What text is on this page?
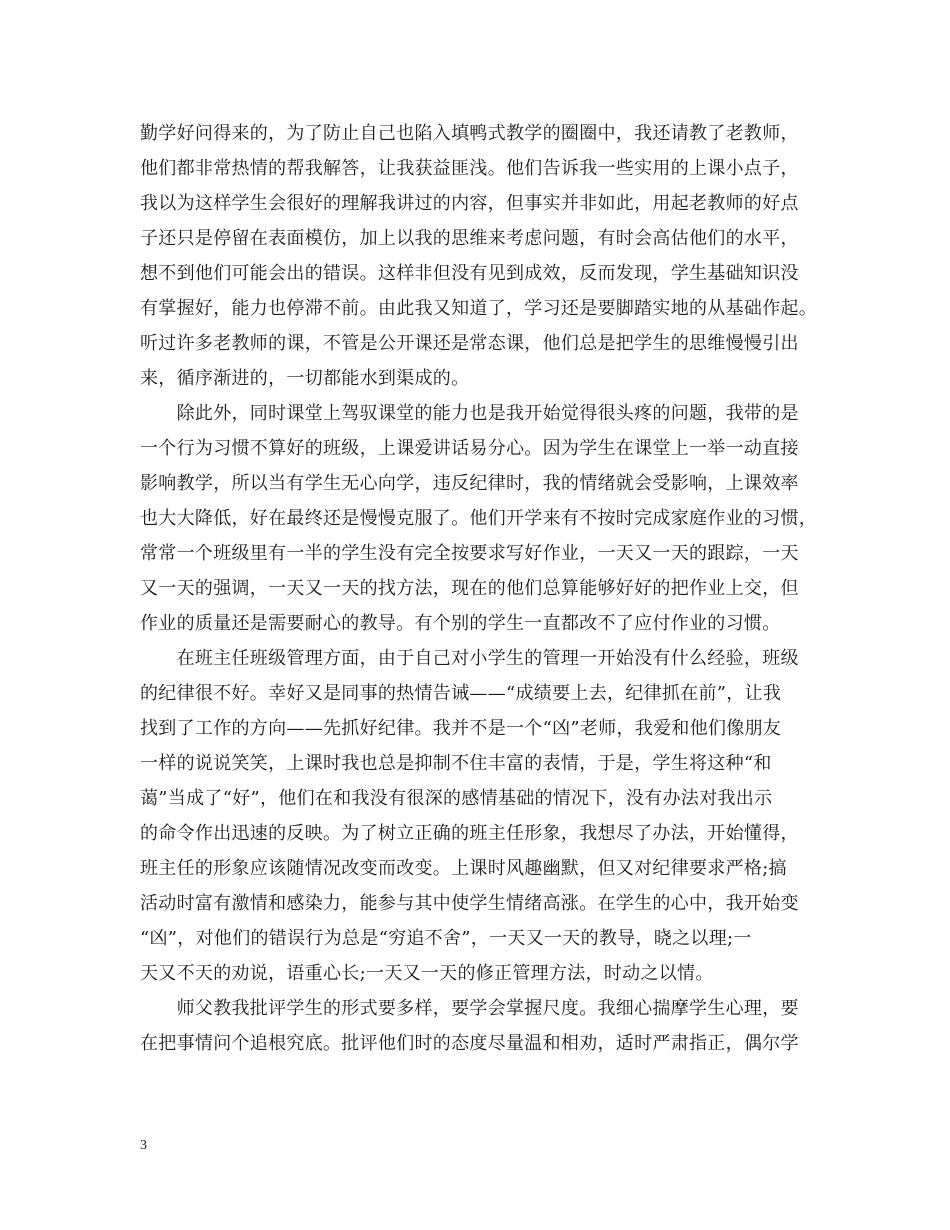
勤学好问得来的，为了防止自己也陷入填鸭式教学的圈圈中，我还请教了老教师，
他们都非常热情的帮我解答，让我获益匪浅。他们告诉我一些实用的上课小点子，
我以为这样学生会很好的理解我讲过的内容，但事实并非如此，用起老教师的好点
子还只是停留在表面模仿，加上以我的思维来考虑问题，有时会高估他们的水平，
想不到他们可能会出的错误。这样非但没有见到成效，反而发现，学生基础知识没
有掌握好，能力也停滞不前。由此我又知道了，学习还是要脚踏实地的从基础作起。
听过许多老教师的课，不管是公开课还是常态课，他们总是把学生的思维慢慢引出
来，循序渐进的，一切都能水到渠成的。
　　除此外，同时课堂上驾驭课堂的能力也是我开始觉得很头疼的问题，我带的是
一个行为习惯不算好的班级，上课爱讲话易分心。因为学生在课堂上一举一动直接
影响教学，所以当有学生无心向学，违反纪律时，我的情绪就会受影响，上课效率
也大大降低，好在最终还是慢慢克服了。他们开学来有不按时完成家庭作业的习惯，
常常一个班级里有一半的学生没有完全按要求写好作业，一天又一天的跟踪，一天
又一天的强调，一天又一天的找方法，现在的他们总算能够好好的把作业上交，但
作业的质量还是需要耐心的教导。有个别的学生一直都改不了应付作业的习惯。
　　在班主任班级管理方面，由于自己对小学生的管理一开始没有什么经验，班级
的纪律很不好。幸好又是同事的热情告诫——“成绩要上去，纪律抓在前”，让我
找到了工作的方向——先抓好纪律。我并不是一个“凶”老师，我爱和他们像朋友
一样的说说笑笑，上课时我也总是抑制不住丰富的表情，于是，学生将这种“和
蔼”当成了“好”，他们在和我没有很深的感情基础的情况下，没有办法对我出示
的命令作出迅速的反映。为了树立正确的班主任形象，我想尽了办法，开始懂得，
班主任的形象应该随情况改变而改变。上课时风趣幽默，但又对纪律要求严格;搞
活动时富有激情和感染力，能参与其中使学生情绪高涨。在学生的心中，我开始变
“凶”，对他们的错误行为总是“穷追不舍”，一天又一天的教导，晓之以理;一
天又不天的劝说，语重心长;一天又一天的修正管理方法，时动之以情。
　　师父教我批评学生的形式要多样，要学会掌握尺度。我细心揣摩学生心理，要
在把事情问个追根究底。批评他们时的态度尽量温和相劝，适时严肃指正，偶尔学
3
